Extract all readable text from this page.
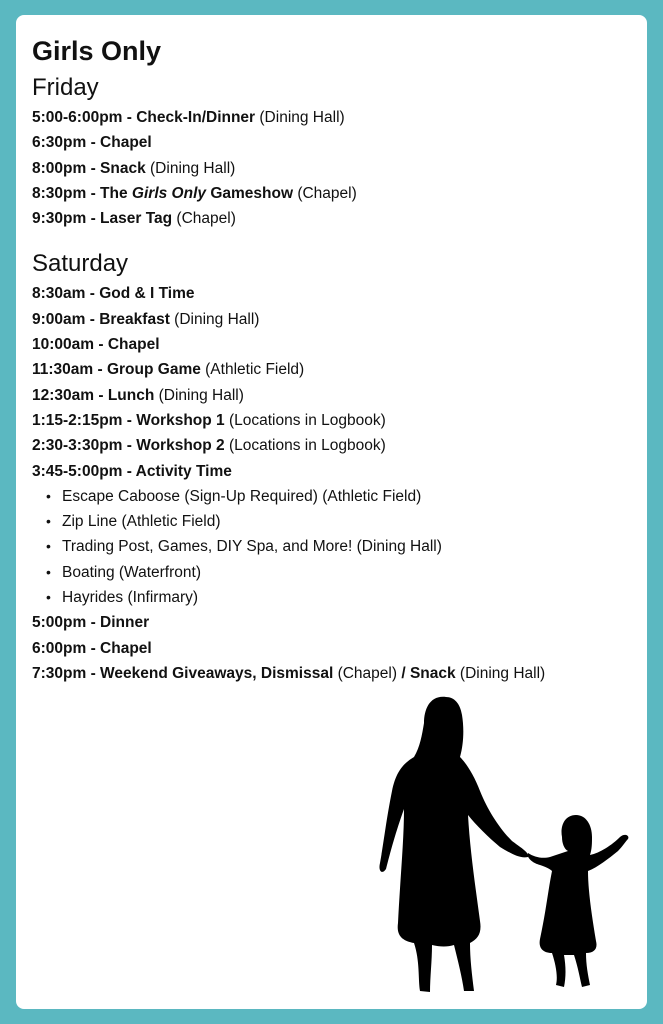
Girls Only
Friday
5:00-6:00pm - Check-In/Dinner (Dining Hall)
6:30pm - Chapel
8:00pm - Snack (Dining Hall)
8:30pm - The Girls Only Gameshow (Chapel)
9:30pm - Laser Tag (Chapel)
Saturday
8:30am - God & I Time
9:00am - Breakfast (Dining Hall)
10:00am - Chapel
11:30am - Group Game (Athletic Field)
12:30am - Lunch (Dining Hall)
1:15-2:15pm - Workshop 1 (Locations in Logbook)
2:30-3:30pm - Workshop 2 (Locations in Logbook)
3:45-5:00pm - Activity Time
• Escape Caboose (Sign-Up Required) (Athletic Field)
• Zip Line (Athletic Field)
• Trading Post, Games, DIY Spa, and More! (Dining Hall)
• Boating (Waterfront)
• Hayrides (Infirmary)
5:00pm - Dinner
6:00pm - Chapel
7:30pm - Weekend Giveaways, Dismissal (Chapel) / Snack (Dining Hall)
